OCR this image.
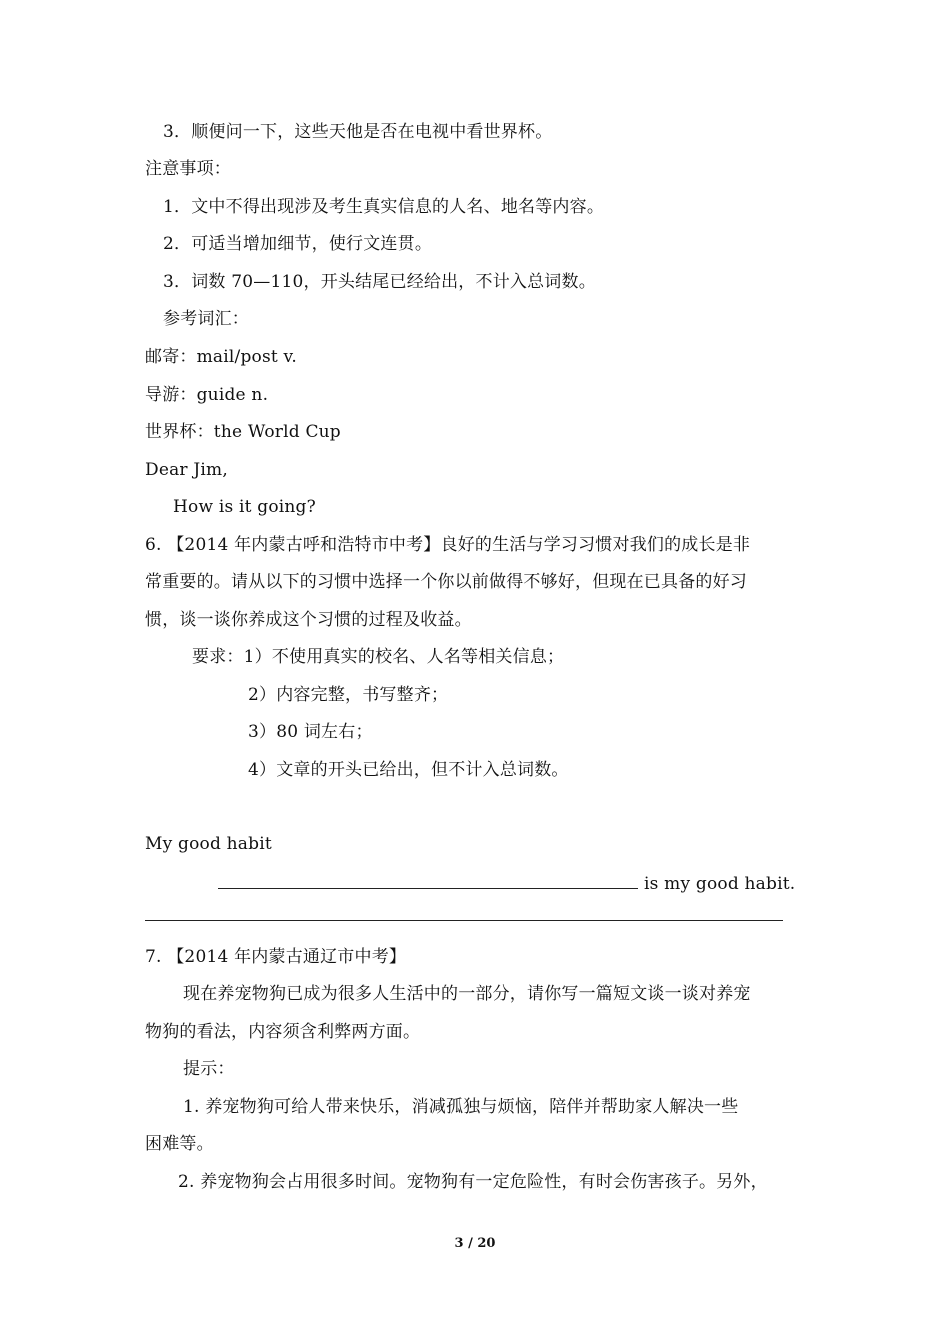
3．顺便问一下，这些天他是否在电视中看世界杯。
注意事项：
1．文中不得出现涉及考生真实信息的人名、地名等内容。
2．可适当增加细节，使行文连贯。
3．词数 70—110，开头结尾已经给出，不计入总词数。
参考词汇：
邮寄：mail/post v.
导游：guide n.
世界杯：the World Cup
Dear Jim,
How is it going?
6. 【2014 年内蒙古呼和浩特市中考】良好的生活与学习习惯对我们的成长是非
常重要的。请从以下的习惯中选择一个你以前做得不够好，但现在已具备的好习
惯，谈一谈你养成这个习惯的过程及收益。
要求：1）不使用真实的校名、人名等相关信息；
2）内容完整，书写整齐；
3）80 词左右；
4）文章的开头已给出，但不计入总词数。
My good habit
is my good habit.
7. 【2014 年内蒙古通辽市中考】
现在养宠物狗已成为很多人生活中的一部分，请你写一篇短文谈一谈对养宠
物狗的看法，内容须含利弊两方面。
提示：
1. 养宠物狗可给人带来快乐，消减孤独与烦恼，陪伴并帮助家人解决一些
困难等。
2. 养宠物狗会占用很多时间。宠物狗有一定危险性，有时会伤害孩子。另外，
3 / 20
